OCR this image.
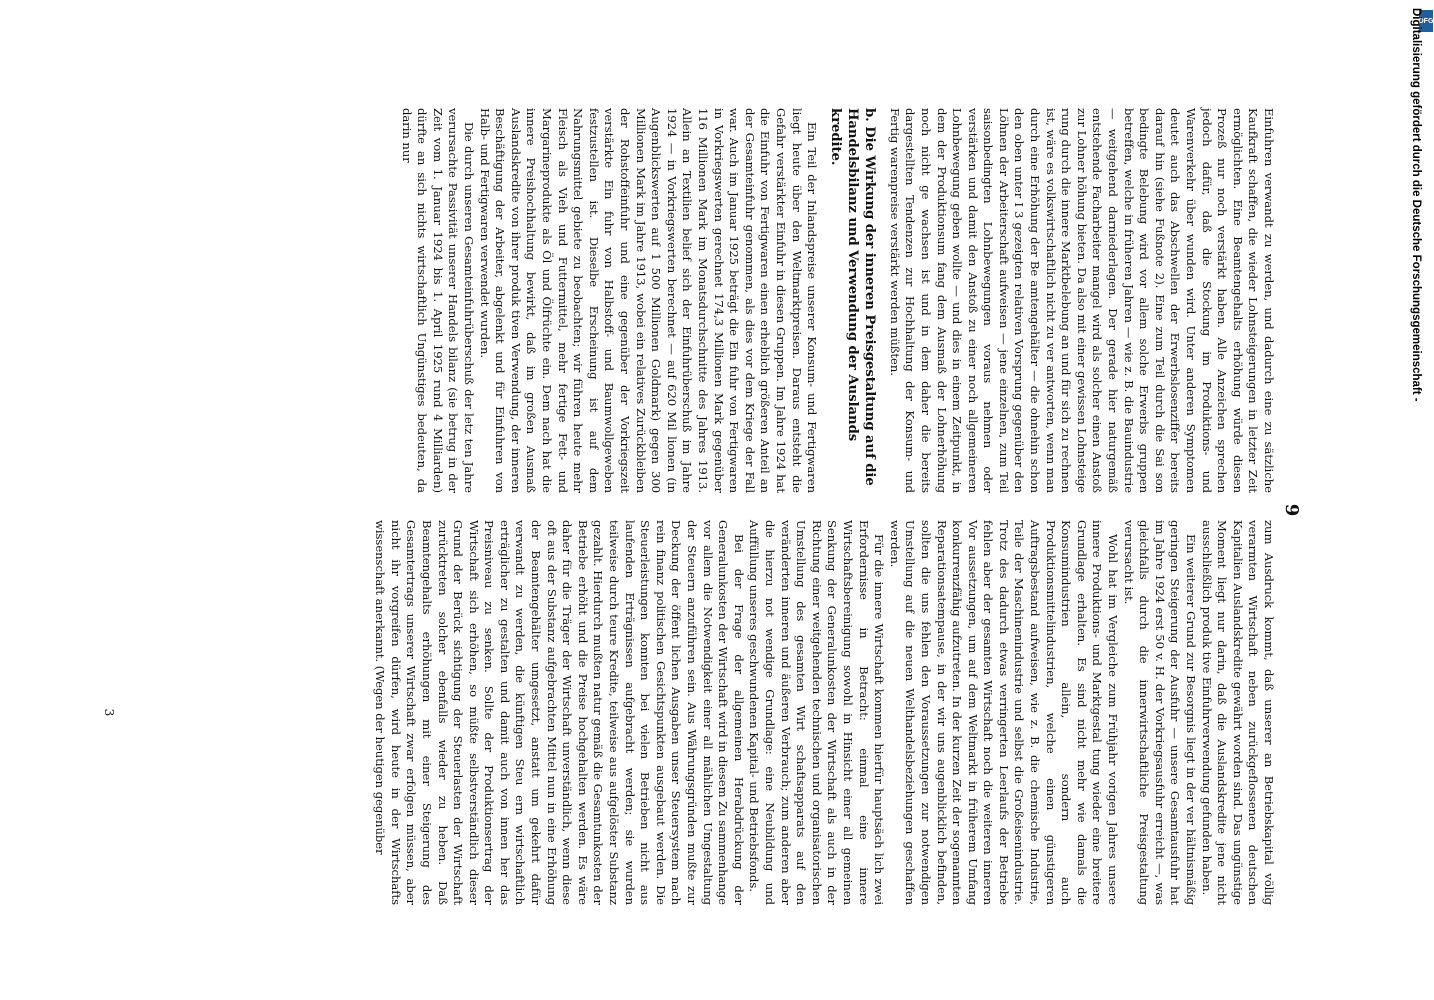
9

Einfuhren verwandt zu werden, und dadurch eine zu sätzliche Kaufkraft schaffen, die wieder Lohnsteigerungen in letzter Zeit ermöglichten. Eine Beamtengehalts erhöhung würde diesen Prozeß nur noch verstärkt haben. Alle Anzeichen sprechen jedoch dafür, daß die Stockung im Produktions- und Warenverkehr über wunden wird. Unter anderen Symptomen deutet auch das Abschwellen der Erwerbslosenziffer bereits darauf hin (siehe Fußnote 2). Eine zum Teil durch die Sai son bedingte Belebung wird vor allem solche Erwerbs gruppen betreffen, welche in früheren Jahren — wie z. B. die Bauindustrie — weitgehend darniederlagen. Der gerade hier naturgemäß entstehende Facharbeiter mangel wird als solcher einen Anstoß zur Lohner höhung bieten. Da also mit einer gewissen Lohnsteige rung durch die innere Marktbelebung an und für sich zu rechnen ist, wäre es volkswirtschaftlich nicht zu ver antworten, wenn man durch eine Erhöhung der Be amtengehälter — die ohnehin schon den oben unter I 3 gezeigten relativen Vorsprung gegenüber den Löhnen der Arbeiterschaft aufweisen — jene einzelnen, zum Teil saisonbedingten Lohnbewegungen voraus nehmen oder verstärken und damit den Anstoß zu einer noch allgemeineren Lohnbewegung geben wollte — und dies in einem Zeitpunkt, in dem der Produktionsum fang dem Ausmaß der Lohnerhöhung noch nicht ge wachsen ist und in dem daher die bereits dargestellten Tendenzen zur Hochhaltung der Konsum- und Fertig warenpreise verstärkt werden müßten.

b. Die Wirkung der inneren Preisgestaltung auf die Handelsbilanz und Verwendung der Auslands kredite.

Ein Teil der Inlandspreise unserer Konsum- und Fertigwaren liegt heute über den Weltmarktpreisen. Daraus entsteht die Gefahr verstärkter Einfuhr in diesen Gruppen. Im Jahre 1924 hat die Einfuhr von Fertigwaren einen erheblich größeren Anteil an der Gesamteinfuhr genommen, als dies vor dem Kriege der Fall war. Auch im Januar 1925 beträgt die Ein fuhr von Fertigwaren in Vorkriegswerten gerechnet 174,3 Millionen Mark gegenüber 116 Millionen Mark im Monatsdurchschnitte des Jahres 1913. Allein an Textilien belief sich der Einfuhrüberschuß im Jahre 1924 — in Vorkriegswerten berechnet — auf 620 Mil lionen (in Augenblickswerten auf 1 500 Millionen Goldmark) gegen 300 Millionen Mark im Jahre 1913, wobei ein relatives Zurückbleiben der Rohstoffeinfuhr und eine gegenüber der Vorkriegszeit verstärkte Ein fuhr von Halbstoff- und Baumwollgeweben festzustellen ist. Dieselbe Erscheinung ist auf dem Nahrungsmittel gebiete zu beobachten; wir führen heute mehr Fleisch als Vieh und Futtermittel, mehr fertige Fett- und Margarineprodukte als Öl und Ölfrüchte ein. Dem nach hat die innere Preishochhaltung bewirkt, daß im großen Ausmaß Auslandskredite von ihrer produk tiven Verwendung, der inneren Beschäftigung der Arbeiter, abgelenkt und für Einfuhren von Halb- und Fertigwaren verwendet wurden.

Die durch unseren Gesamteinfuhrüberschuß der letz ten Jahre verursachte Passivität unserer Handels bilanz (sie betrug in der Zeit vom 1. Januar 1924 bis 1. April 1925 rund 4 Milliarden) dürfte an sich nichts wirtschaftlich Ungünstiges bedeuten, da darin nur

zum Ausdruck kommt, daß unserer an Betriebskapital völlig verarmten Wirtschaft neben zurückgeflossenen deutschen Kapitalien Auslandskredite gewährt worden sind. Das ungünstige Moment liegt nur darin, daß die Auslandskredite jene nicht ausschließlich produk tive Einfuhrverwendung gefunden haben.

Ein weiterer Grund zur Besorgnis liegt in der ver hältnismäßig geringen Steigerung der Ausfuhr — unsere Gesamtausfuhr hat im Jahre 1924 erst 50 v. H. der Vorkriegsausfuhr erreicht —, was gleichfalls durch die innerwirtschaftliche Preisgestaltung verursacht ist.

Wohl hat im Vergleiche zum Frühjahr vorigen Jahres unsere innere Produktions- und Marktgestal tung wieder eine breitere Grundlage erhalten. Es sind nicht mehr wie damals die Konsumindustrien allein, sondern auch Produktionsmittelindustrien, welche einen günstigeren Auftragsbestand aufweisen, wie z. B. die chemische Industrie, Teile der Maschinenindustrie und selbst die Großeisenindustrie. Trotz des dadurch etwas verringerten Leerlaufs der Betriebe fehlen aber der gesamten Wirtschaft noch die weiteren inneren Vor aussetzungen, um auf dem Weltmarkt in früherem Umfang konkurrenzfähig aufzutreten. In der kurzen Zeit der sogenannten Reparationsatempause, in der wir uns augenblicklich befinden, sollten die uns fehlen den Voraussetzungen zur notwendigen Umstellung auf die neuen Welthandelsbeziehungen geschaffen werden.

Für die innere Wirtschaft kommen hierfür hauptsäch lich zwei Erfordernisse in Betracht: einmal eine innere Wirtschaftsbereinigung sowohl in Hinsicht einer all gemeinen Senkung der Generalunkosten der Wirtschaft als auch in der Richtung einer weitgehenden technischen und organisatorischen Umstellung des gesamten Wirt schaftsapparats auf den veränderten inneren und äußeren Verbrauch; zum anderen aber die hierzu not wendige Grundlage: eine Neubildung und Auffüllung unseres geschwundenen Kapital- und Betriebsfonds.

Bei der Frage der allgemeinen Herabdrückung der Generalunkosten der Wirtschaft wird in diesem Zu sammenhange vor allem die Notwendigkeit einer all mählichen Umgestaltung der Steuern anzuführen sein. Aus Währungsgründen mußte zur Deckung der öffent lichen Ausgaben unser Steuersystem nach rein finanz politischen Gesichtspunkten ausgebaut werden. Die Steuerleistungen konnten bei vielen Betrieben nicht aus laufenden Erträgnissen aufgebracht werden; sie wurden teilweise durch teure Kredite, teilweise aus aufgelöster Substanz gezahlt. Hierdurch mußten natur gemäß die Gesamtunkosten der Betriebe erhöht und die Preise hochgehalten werden. Es wäre daher für die Träger der Wirtschaft unverständlich, wenn diese oft aus der Substanz aufgebrachten Mittel nun in eine Erhöhung der Beamtengehälter umgesetzt, anstatt um gekehrt dafür verwandt zu werden, die künftigen Steu ern wirtschaftlich erträglicher zu gestalten und damit auch von innen her das Preisniveau zu senken. Sollte der Produktionsertrag der Wirtschaft sich erhöhen, so müßte selbstverständlich dieser Grund der Berück sichtigung der Steuerlasten der Wirtschaft zurücktreten solcher ebenfalls wieder zu heben. Daß Beamtengehalts erhöhungen mit einer Steigerung des Gesamtertrags unserer Wirtschaft zwar erfolgen müssen, aber nicht ihr vorgreifen dürfen, wird heute in der Wirtschafts wissenschaft anerkannt. (Wegen der heutigen gegenüber

3
DFG
Digitalisierung gefördert durch die Deutsche Forschungsgemeinschaft -
